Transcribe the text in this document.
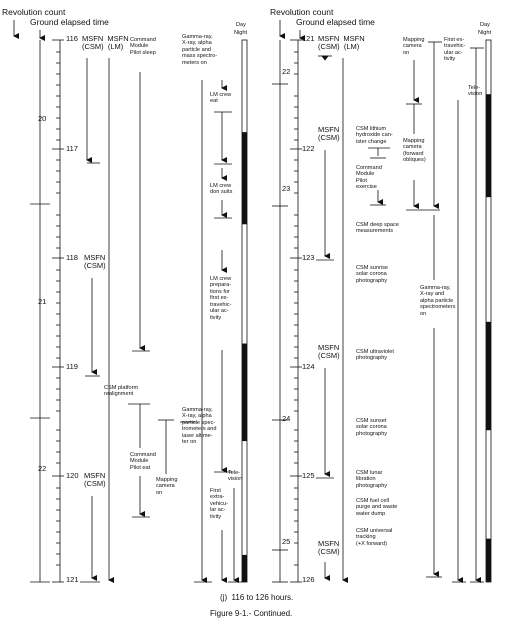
Revolution count
Ground elapsed time	Day
Night
116
117
118
119
120
121
20
21
22
MSFN  MSFN
(CSM)  (LM)
MSFN
(CSM)
MSFN
(CSM)
Command
Module
Pilot sleep
Gamma-ray,
X-ray, alpha
particle and
mass spectro-
meters on
LM crew
eat
LM crew
don suits
LM crew
prepara-
tions for
first ex-
travehic-
ular ac-
tivity
CSM platform
realignment
Command
Module
Pilot eat
Gamma-ray,
X-ray, alpha
particle spec-
trometers and
laser altime-
ter on
Mapping
camera
on	First
extra-
vehicu-
lar ac-
tivity
Tele-
vision
Revolution count
Ground elapsed time	Day
Night
121
122
123
124
125
126
22
23
24
25
MSFN  MSFN
(CSM)  (LM)
MSFN
(CSM)
MSFN
(CSM)
MSFN
(CSM)
CSM lithium
hydroxide can-
ister change
Command
Module
Pilot
exercise
CSM deep space
measurements
CSM sunrise
solar corona
photography
CSM ultraviolet
photography
CSM sunset
solar corona
photography
CSM lunar
libration
photography
CSM fuel cell
purge and waste
water dump
CSM universal
tracking
(+X forward)
Mapping
camera
on
Mapping
camera
(forward
obliques)
First ex-
travehic-
ular ac-
tivity
Gamma-ray,
X-ray and
alpha particle
spectrometers
on
Tele-
vision
(j)  116 to 126 hours.
Figure 9-1.- Continued.
